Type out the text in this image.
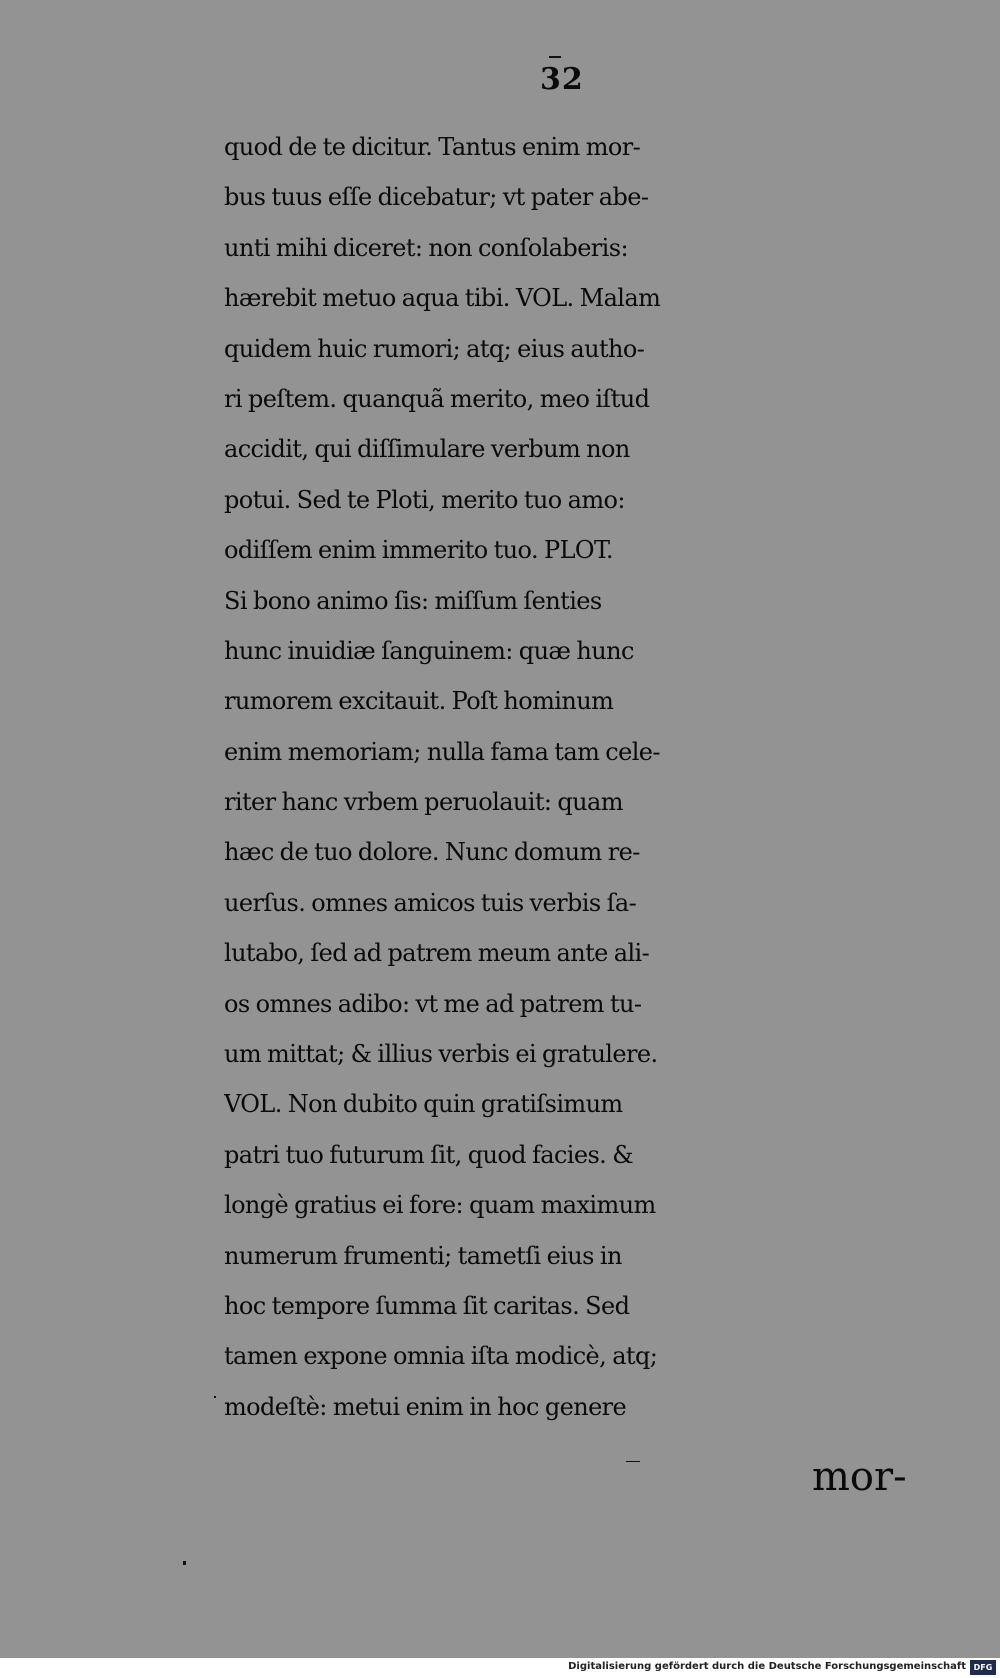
32
quod de te dicitur. Tantus enim mor-
bus tuus eſſe dicebatur; vt pater abe-
unti mihi diceret: non conſolaberis:
hærebit metuo aqua tibi. VOL. Malam
quidem huic rumori; atq; eius autho-
ri peſtem. quanquã merito, meo iſtud
accidit, qui diſſimulare verbum non
potui. Sed te Ploti, merito tuo amo:
odiſſem enim immerito tuo. PLOT.
Si bono animo ſis: miſſum ſenties
hunc inuidiæ ſanguinem: quæ hunc
rumorem excitauit. Poſt hominum
enim memoriam; nulla fama tam cele-
riter hanc vrbem peruolauit: quam
hæc de tuo dolore. Nunc domum re-
uerſus. omnes amicos tuis verbis ſa-
lutabo, ſed ad patrem meum ante ali-
os omnes adibo: vt me ad patrem tu-
um mittat; & illius verbis ei gratulere.
VOL. Non dubito quin gratiſsimum
patri tuo futurum ſit, quod facies. &
longè gratius ei fore: quam maximum
numerum frumenti; tametſi eius in
hoc tempore ſumma ſit caritas. Sed
tamen expone omnia iſta modicè, atq;
modeſtè: metui enim in hoc genere
mor-
Digitalisierung gefördert durch die Deutsche Forschungsgemeinschaft DFG
